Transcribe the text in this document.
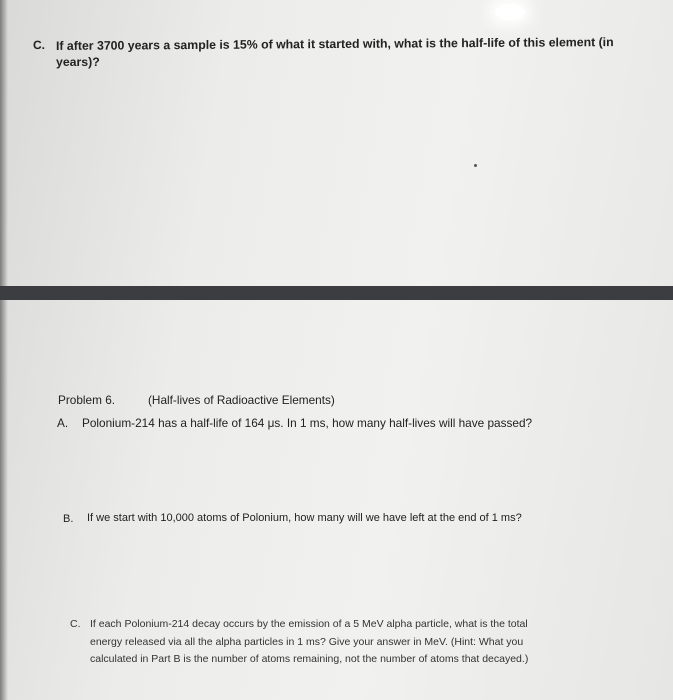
C. If after 3700 years a sample is 15% of what it started with, what is the half-life of this element (in
years)?
Problem 6.	(Half-lives of Radioactive Elements)
A. Polonium-214 has a half-life of 164 μs. In 1 ms, how many half-lives will have passed?
B. If we start with 10,000 atoms of Polonium, how many will we have left at the end of 1 ms?
C. If each Polonium-214 decay occurs by the emission of a 5 MeV alpha particle, what is the total
energy released via all the alpha particles in 1 ms? Give your answer in MeV. (Hint: What you
calculated in Part B is the number of atoms remaining, not the number of atoms that decayed.)
